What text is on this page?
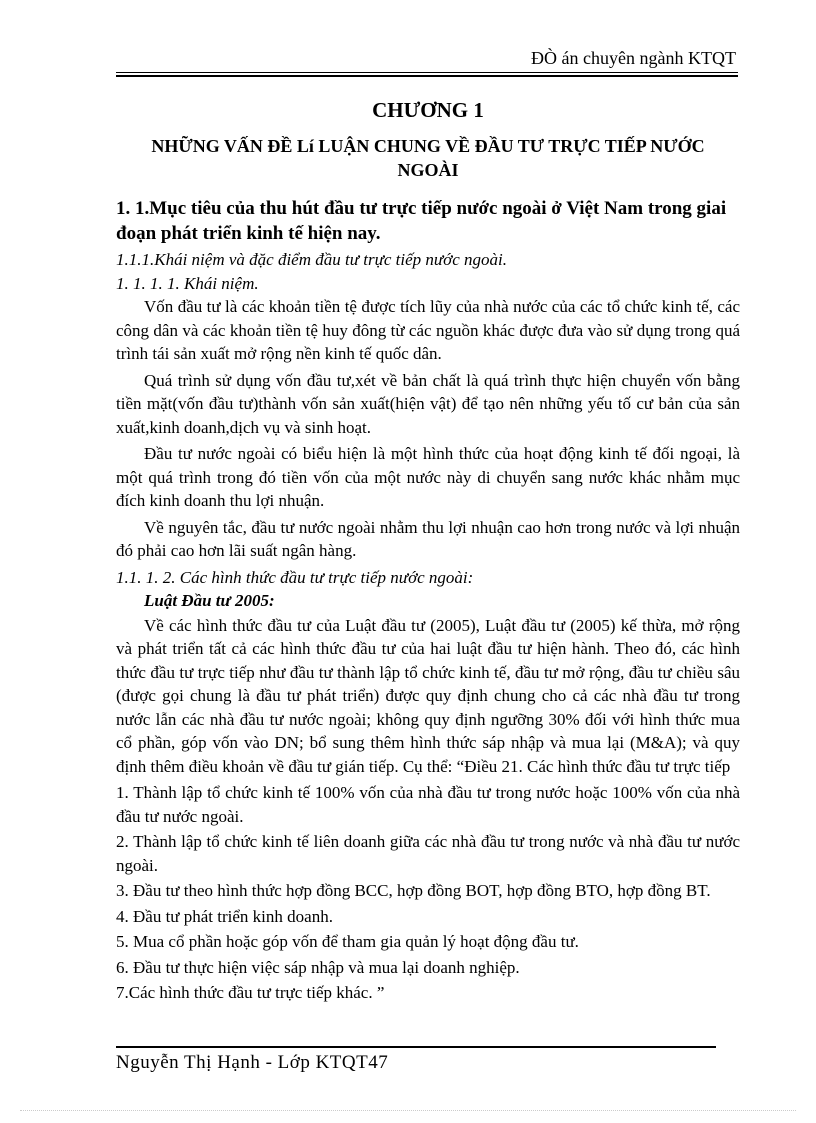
ĐÒ án chuyên ngành KTQT
CHƯƠNG 1
NHỮNG VẤN ĐỀ Lí LUẬN CHUNG VỀ ĐẦU TƯ TRỰC TIẾP NƯỚC NGOÀI
1. 1.Mục tiêu của thu hút đầu tư trực tiếp nước ngoài ở Việt Nam trong giai đoạn phát triển kinh tế hiện nay.
1.1.1.Khái niệm và đặc điểm đầu tư trực tiếp nước ngoài.
1. 1. 1. 1. Khái niệm.

Vốn đầu tư là các khoản tiền tệ được tích lũy của nhà nước của các tổ chức kinh tế, các công dân và các khoản tiền tệ huy đông từ các nguồn khác được đưa vào sử dụng trong quá trình tái sản xuất mở rộng nền kinh tế quốc dân.

Quá trình sử dụng vốn đầu tư,xét về bản chất là quá trình thực hiện chuyển vốn bằng tiền mặt(vốn đầu tư)thành vốn sản xuất(hiện vật) để tạo nên những yếu tố cư bản của sản xuất,kinh doanh,dịch vụ và sinh hoạt.

Đầu tư nước ngoài có biểu hiện là một hình thức của hoạt động kinh tế đối ngoại, là một quá trình trong đó tiền vốn của một nước này di chuyển sang nước khác nhằm mục đích kinh doanh thu lợi nhuận.

Về nguyên tắc, đầu tư nước ngoài nhằm thu lợi nhuận cao hơn trong nước và lợi nhuận đó phải cao hơn lãi suất ngân hàng.

1.1. 1. 2. Các hình thức đầu tư trực tiếp nước ngoài:
Luật Đầu tư 2005:

Về các hình thức đầu tư của Luật đầu tư (2005), Luật đầu tư (2005) kế thừa, mở rộng và phát triển tất cả các hình thức đầu tư của hai luật đầu tư hiện hành. Theo đó, các hình thức đầu tư trực tiếp như đầu tư thành lập tổ chức kinh tế, đầu tư mở rộng, đầu tư chiều sâu (được gọi chung là đầu tư phát triển) được quy định chung cho cả các nhà đầu tư trong nước lẫn các nhà đầu tư nước ngoài; không quy định ngưỡng 30% đối với hình thức mua cổ phần, góp vốn vào DN; bổ sung thêm hình thức sáp nhập và mua lại (M&A); và quy định thêm điều khoản về đầu tư gián tiếp. Cụ thể: “Điều 21. Các hình thức đầu tư trực tiếp

1. Thành lập tổ chức kinh tế 100% vốn của nhà đầu tư trong nước hoặc 100% vốn của nhà đầu tư nước ngoài.

2. Thành lập tổ chức kinh tế liên doanh giữa các nhà đầu tư trong nước và nhà đầu tư nước ngoài.

3. Đầu tư theo hình thức hợp đồng BCC, hợp đồng BOT, hợp đồng BTO, hợp đồng BT.

4. Đầu tư phát triển kinh doanh.

5. Mua cổ phần hoặc góp vốn để tham gia quản lý hoạt động đầu tư.

6. Đầu tư thực hiện việc sáp nhập và mua lại doanh nghiệp.

7.Các hình thức đầu tư trực tiếp khác. ”

Nguyễn Thị Hạnh - Lớp KTQT47
